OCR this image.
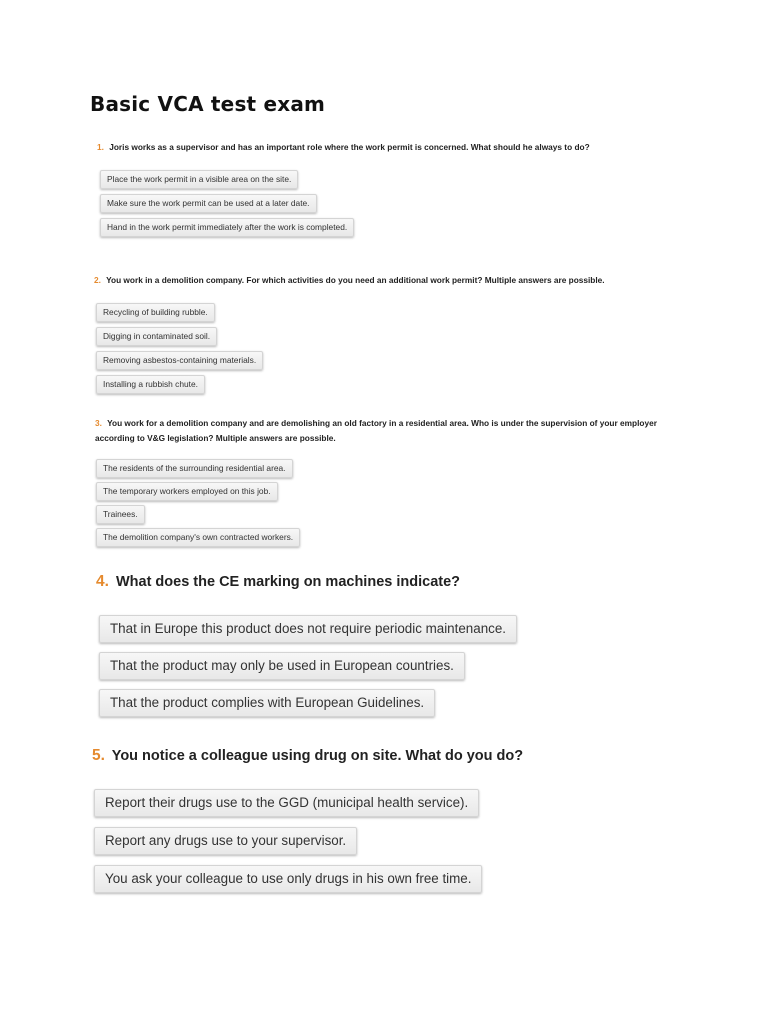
Basic VCA test exam

1. Joris works as a supervisor and has an important role where the work permit is concerned. What should he always to do?

Place the work permit in a visible area on the site.
Make sure the work permit can be used at a later date.
Hand in the work permit immediately after the work is completed.

2. You work in a demolition company. For which activities do you need an additional work permit? Multiple answers are possible.

Recycling of building rubble.
Digging in contaminated soil.
Removing asbestos-containing materials.
Installing a rubbish chute.

3. You work for a demolition company and are demolishing an old factory in a residential area. Who is under the supervision of your employer according to V&G legislation? Multiple answers are possible.

The residents of the surrounding residential area.
The temporary workers employed on this job.
Trainees.
The demolition company's own contracted workers.

4. What does the CE marking on machines indicate?

That in Europe this product does not require periodic maintenance.
That the product may only be used in European countries.
That the product complies with European Guidelines.

5. You notice a colleague using drug on site. What do you do?

Report their drugs use to the GGD (municipal health service).
Report any drugs use to your supervisor.
You ask your colleague to use only drugs in his own free time.
